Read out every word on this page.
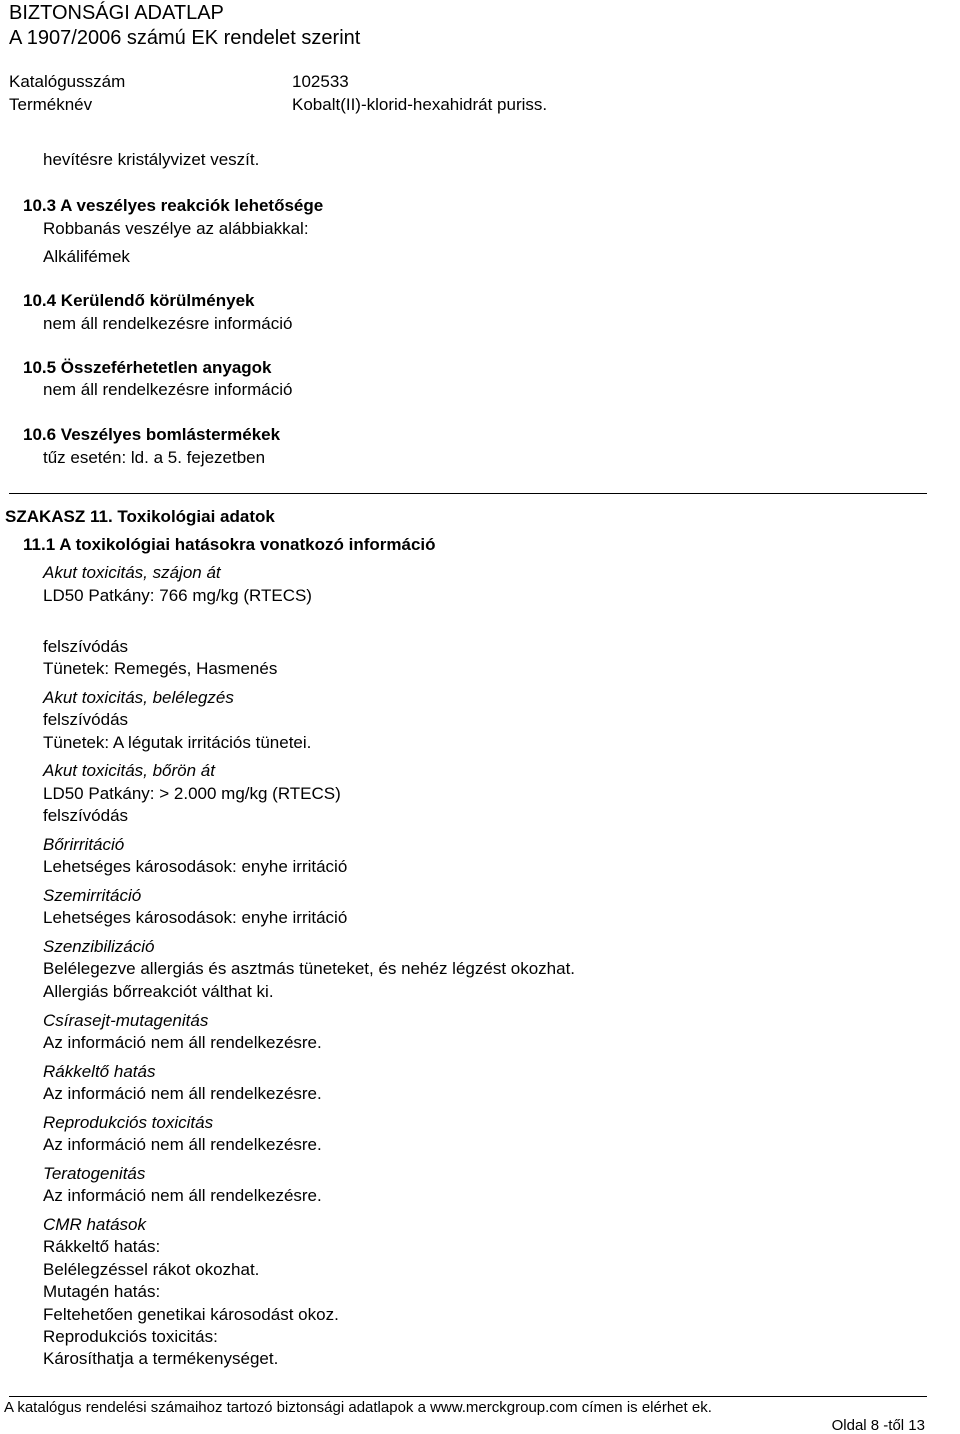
BIZTONSÁGI ADATLAP
A 1907/2006 számú EK rendelet szerint
Katalógusszám	102533
Terméknév	Kobalt(II)-klorid-hexahidrát puriss.
hevítésre kristályvizet veszít.
10.3 A veszélyes reakciók lehetősége
Robbanás veszélye az alábbiakkal:
Alkálifémek
10.4 Kerülendő körülmények
nem áll rendelkezésre információ
10.5 Összeférhetetlen anyagok
nem áll rendelkezésre információ
10.6 Veszélyes bomlástermékek
tűz esetén: ld. a 5. fejezetben
SZAKASZ 11. Toxikológiai adatok
11.1 A toxikológiai hatásokra vonatkozó információ
Akut toxicitás, szájon át
LD50 Patkány: 766 mg/kg (RTECS)
felszívódás
Tünetek: Remegés, Hasmenés
Akut toxicitás, belélegzés
felszívódás
Tünetek: A légutak irritációs tünetei.
Akut toxicitás, bőrön át
LD50 Patkány: > 2.000 mg/kg (RTECS)
felszívódás
Bőrirritáció
Lehetséges károsodások: enyhe irritáció
Szemirritáció
Lehetséges károsodások: enyhe irritáció
Szenzibilizáció
Belélegezve allergiás és asztmás tüneteket, és nehéz légzést okozhat.
Allergiás bőrreakciót válthat ki.
Csírasejt-mutagenitás
Az információ nem áll rendelkezésre.
Rákkeltő hatás
Az információ nem áll rendelkezésre.
Reprodukciós toxicitás
Az információ nem áll rendelkezésre.
Teratogenitás
Az információ nem áll rendelkezésre.
CMR hatások
Rákkeltő hatás:
Belélegzéssel rákot okozhat.
Mutagén hatás:
Feltehetően genetikai károsodást okoz.
Reprodukciós toxicitás:
Károsíthatja a termékenységet.
A katalógus rendelési számaihoz tartozó biztonsági adatlapok a www.merckgroup.com címen is elérhet ek.
Oldal 8 -től 13
